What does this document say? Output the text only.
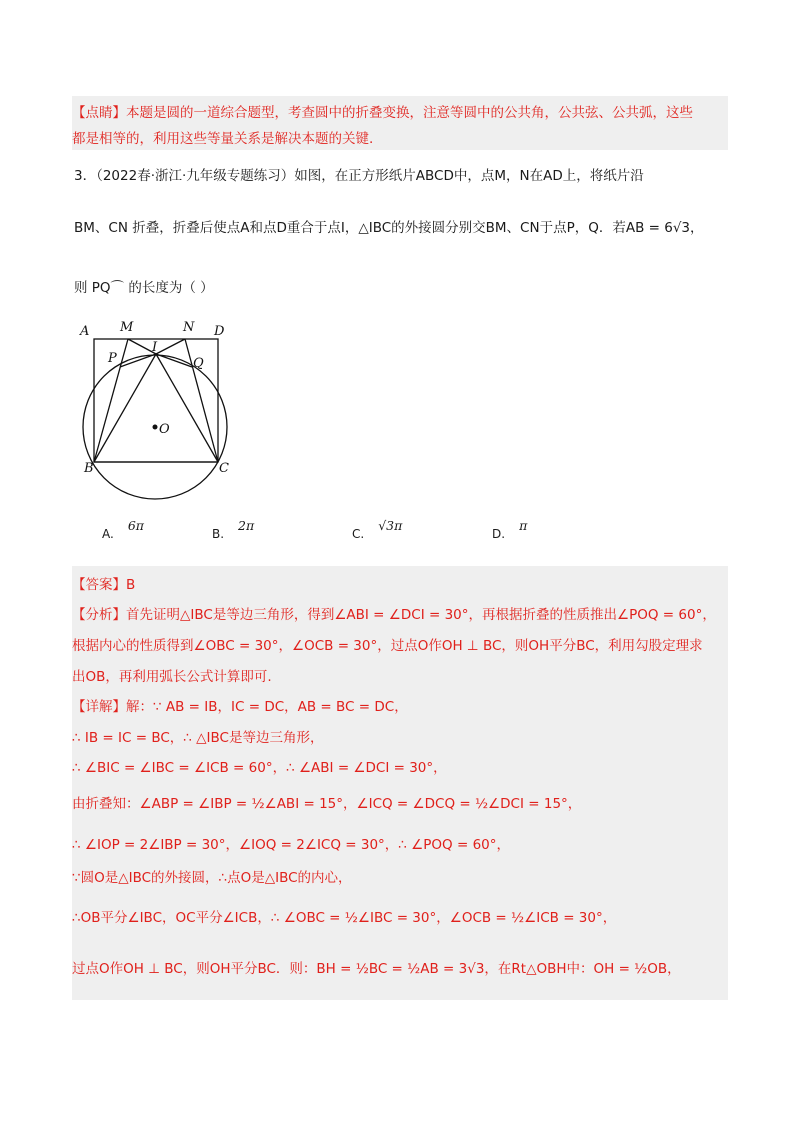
【点睛】本题是圆的一道综合题型，考查圆中的折叠变换，注意等圆中的公共角，公共弦、公共弧，这些
都是相等的，利用这些等量关系是解决本题的关键.
3．（2022春·浙江·九年级专题练习）如图，在正方形纸片ABCD中，点M，N在AD上，将纸片沿
BM、CN 折叠，折叠后使点A和点D重合于点I，△IBC的外接圆分别交BM、CN于点P，Q．若AB = 6√3，
则 PQ⌒ 的长度为（ ）
A M	N D
P
I
Q
O
B	C
A.6π
B.2π
C.√3π
D.π
【答案】B
【分析】首先证明△IBC是等边三角形，得到∠ABI = ∠DCI = 30°，再根据折叠的性质推出∠POQ = 60°，
根据内心的性质得到∠OBC = 30°，∠OCB = 30°，过点O作OH ⊥ BC，则OH平分BC，利用勾股定理求
出OB，再利用弧长公式计算即可.
【详解】解：∵ AB = IB，IC = DC，AB = BC = DC，
∴ IB = IC = BC，∴ △IBC是等边三角形，
∴ ∠BIC = ∠IBC = ∠ICB = 60°，∴ ∠ABI = ∠DCI = 30°，
由折叠知：∠ABP = ∠IBP = ½∠ABI = 15°，∠ICQ = ∠DCQ = ½∠DCI = 15°，
∴ ∠IOP = 2∠IBP = 30°，∠IOQ = 2∠ICQ = 30°，∴ ∠POQ = 60°，
∵圆O是△IBC的外接圆，∴点O是△IBC的内心，
∴OB平分∠IBC，OC平分∠ICB，∴ ∠OBC = ½∠IBC = 30°，∠OCB = ½∠ICB = 30°，
过点O作OH ⊥ BC，则OH平分BC．则：BH = ½BC = ½AB = 3√3，在Rt△OBH中：OH = ½OB，
